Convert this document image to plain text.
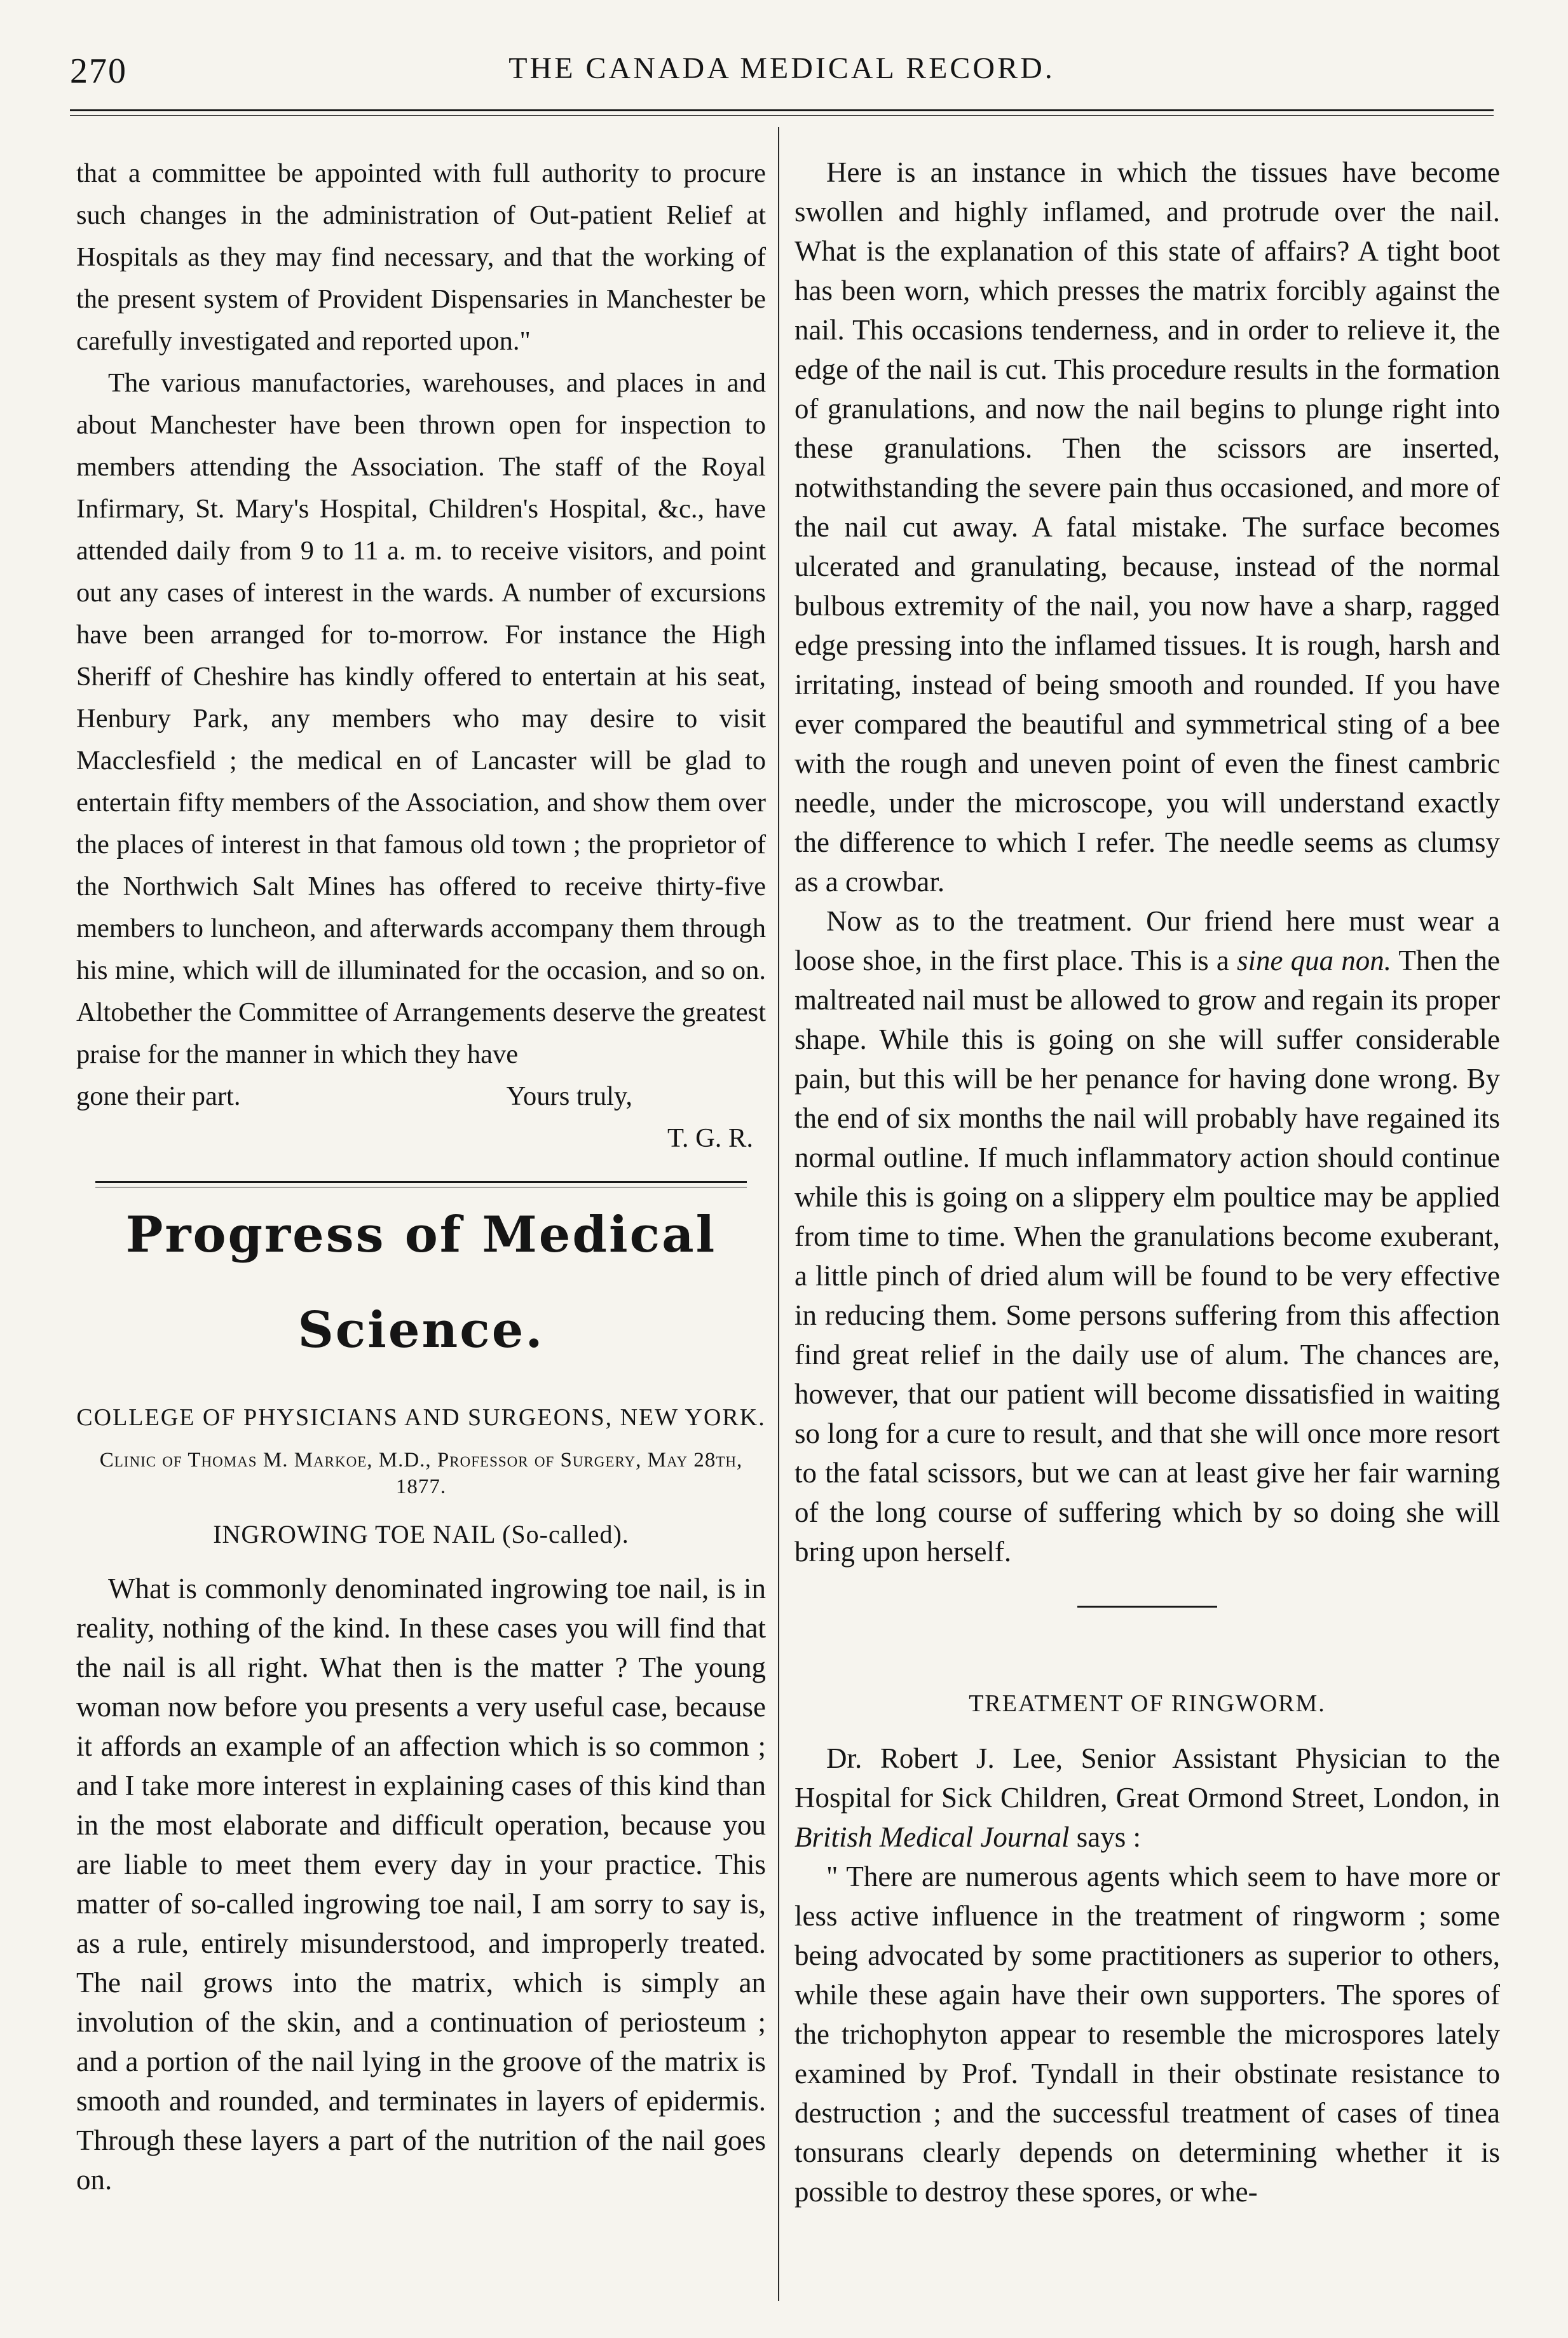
270	THE CANADA MEDICAL RECORD.

that a committee be appointed with full authority to procure such changes in the administration of Out-patient Relief at Hospitals as they may find necessary, and that the working of the present system of Provident Dispensaries in Manchester be carefully investigated and reported upon."

The various manufactories, warehouses, and places in and about Manchester have been thrown open for inspection to members attending the Association. The staff of the Royal Infirmary, St. Mary's Hospital, Children's Hospital, &c., have attended daily from 9 to 11 a. m. to receive visitors, and point out any cases of interest in the wards. A number of excursions have been arranged for to-morrow. For instance the High Sheriff of Cheshire has kindly offered to entertain at his seat, Henbury Park, any members who may desire to visit Macclesfield ; the medical en of Lancaster will be glad to entertain fifty members of the Association, and show them over the places of interest in that famous old town ; the proprietor of the Northwich Salt Mines has offered to receive thirty-five members to luncheon, and afterwards accompany them through his mine, which will de illuminated for the occasion, and so on. Altobether the Committee of Arrangements deserve the greatest praise for the manner in which they have

gone their part.	Yours truly,
T. G. R.
Progress of Medical Science.
COLLEGE OF PHYSICIANS AND SURGEONS, NEW YORK.
Clinic of Thomas M. Markoe, M.D., Professor of Surgery, May 28th, 1877.
INGROWING TOE NAIL (So-called).

What is commonly denominated ingrowing toe nail, is in reality, nothing of the kind. In these cases you will find that the nail is all right. What then is the matter ? The young woman now before you presents a very useful case, because it affords an example of an affection which is so common ; and I take more interest in explaining cases of this kind than in the most elaborate and difficult operation, because you are liable to meet them every day in your practice. This matter of so-called ingrowing toe nail, I am sorry to say is, as a rule, entirely misunderstood, and improperly treated. The nail grows into the matrix, which is simply an involution of the skin, and a continuation of periosteum ; and a portion of the nail lying in the groove of the matrix is smooth and rounded, and terminates in layers of epidermis. Through these layers a part of the nutrition of the nail goes on.

Here is an instance in which the tissues have become swollen and highly inflamed, and protrude over the nail. What is the explanation of this state of affairs? A tight boot has been worn, which presses the matrix forcibly against the nail. This occasions tenderness, and in order to relieve it, the edge of the nail is cut. This procedure results in the formation of granulations, and now the nail begins to plunge right into these granulations. Then the scissors are inserted, notwithstanding the severe pain thus occasioned, and more of the nail cut away. A fatal mistake. The surface becomes ulcerated and granulating, because, instead of the normal bulbous extremity of the nail, you now have a sharp, ragged edge pressing into the inflamed tissues. It is rough, harsh and irritating, instead of being smooth and rounded. If you have ever compared the beautiful and symmetrical sting of a bee with the rough and uneven point of even the finest cambric needle, under the microscope, you will understand exactly the difference to which I refer. The needle seems as clumsy as a crowbar.

Now as to the treatment. Our friend here must wear a loose shoe, in the first place. This is a sine qua non. Then the maltreated nail must be allowed to grow and regain its proper shape. While this is going on she will suffer considerable pain, but this will be her penance for having done wrong. By the end of six months the nail will probably have regained its normal outline. If much inflammatory action should continue while this is going on a slippery elm poultice may be applied from time to time. When the granulations become exuberant, a little pinch of dried alum will be found to be very effective in reducing them. Some persons suffering from this affection find great relief in the daily use of alum. The chances are, however, that our patient will become dissatisfied in waiting so long for a cure to result, and that she will once more resort to the fatal scissors, but we can at least give her fair warning of the long course of suffering which by so doing she will bring upon herself.

TREATMENT OF RINGWORM.

Dr. Robert J. Lee, Senior Assistant Physician to the Hospital for Sick Children, Great Ormond Street, London, in British Medical Journal says :

" There are numerous agents which seem to have more or less active influence in the treatment of ringworm ; some being advocated by some practitioners as superior to others, while these again have their own supporters. The spores of the trichophyton appear to resemble the microspores lately examined by Prof. Tyndall in their obstinate resistance to destruction ; and the successful treatment of cases of tinea tonsurans clearly depends on determining whether it is possible to destroy these spores, or whe-
